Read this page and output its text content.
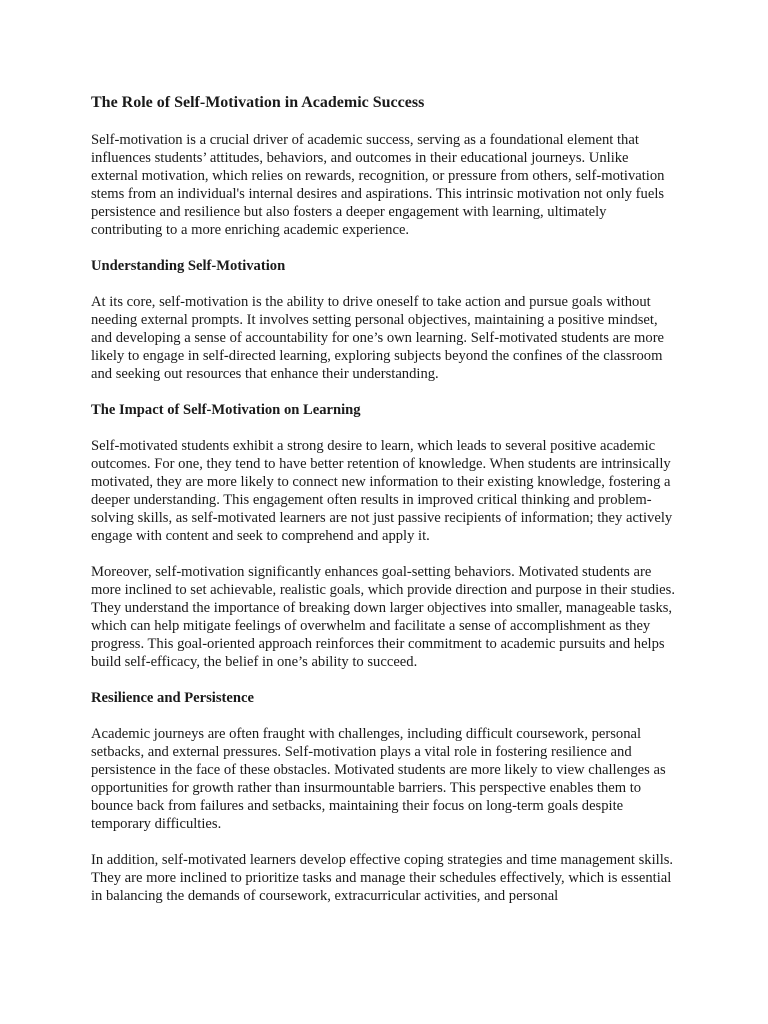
The Role of Self-Motivation in Academic Success

Self-motivation is a crucial driver of academic success, serving as a foundational element that influences students’ attitudes, behaviors, and outcomes in their educational journeys. Unlike external motivation, which relies on rewards, recognition, or pressure from others, self-motivation stems from an individual's internal desires and aspirations. This intrinsic motivation not only fuels persistence and resilience but also fosters a deeper engagement with learning, ultimately contributing to a more enriching academic experience.

Understanding Self-Motivation

At its core, self-motivation is the ability to drive oneself to take action and pursue goals without needing external prompts. It involves setting personal objectives, maintaining a positive mindset, and developing a sense of accountability for one’s own learning. Self-motivated students are more likely to engage in self-directed learning, exploring subjects beyond the confines of the classroom and seeking out resources that enhance their understanding.

The Impact of Self-Motivation on Learning

Self-motivated students exhibit a strong desire to learn, which leads to several positive academic outcomes. For one, they tend to have better retention of knowledge. When students are intrinsically motivated, they are more likely to connect new information to their existing knowledge, fostering a deeper understanding. This engagement often results in improved critical thinking and problem-solving skills, as self-motivated learners are not just passive recipients of information; they actively engage with content and seek to comprehend and apply it.

Moreover, self-motivation significantly enhances goal-setting behaviors. Motivated students are more inclined to set achievable, realistic goals, which provide direction and purpose in their studies. They understand the importance of breaking down larger objectives into smaller, manageable tasks, which can help mitigate feelings of overwhelm and facilitate a sense of accomplishment as they progress. This goal-oriented approach reinforces their commitment to academic pursuits and helps build self-efficacy, the belief in one’s ability to succeed.

Resilience and Persistence

Academic journeys are often fraught with challenges, including difficult coursework, personal setbacks, and external pressures. Self-motivation plays a vital role in fostering resilience and persistence in the face of these obstacles. Motivated students are more likely to view challenges as opportunities for growth rather than insurmountable barriers. This perspective enables them to bounce back from failures and setbacks, maintaining their focus on long-term goals despite temporary difficulties.

In addition, self-motivated learners develop effective coping strategies and time management skills. They are more inclined to prioritize tasks and manage their schedules effectively, which is essential in balancing the demands of coursework, extracurricular activities, and personal
